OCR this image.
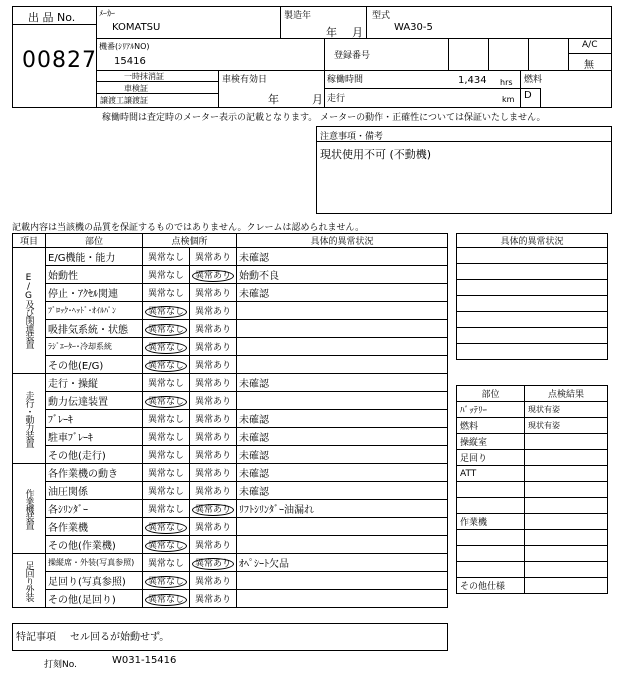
出 品 No.
00827
ﾒｰｶｰ
KOMATSU
製造年
年 月
型式
WA30-5
機番(ｼﾘｱﾙNO)
15416	登録番号
A/C
無
一時抹消証
車検証
譲渡工譲渡証
車検有効日
年	月
稼働時間	1,434 hrs
走行	km
燃料
D
稼働時間は査定時のメーター表示の記載となります。 メーターの動作・正確性については保証いたしません。
注意事項・備考
現状使用不可 (不動機)
記載内容は当該機の品質を保証するものではありません。クレームは認められません。
項目	部位	点検個所		具体的異常状況

E/G及び関連装置	E/G機能・能力	異常なし	異常あり	未確認
	始動性	異常なし	異常あり	始動不良
	停止・ｱｸｾﾙ関連	異常なし	異常あり	未確認
	ﾌﾞﾛｯｸ･ﾍｯﾄﾞ･ｵｲﾙﾊﾟﾝ	異常なし	異常あり	
	吸排気系統・状態	異常なし	異常あり	
	ﾗｼﾞｴｰﾀｰ･冷却系統	異常なし	異常あり	
	その他(E/G)	異常なし	異常あり	

走行・動力装置	走行・操縦	異常なし	異常あり	未確認
	動力伝達装置	異常なし	異常あり	
	ﾌﾞﾚｰｷ	異常なし	異常あり	未確認
	駐車ﾌﾞﾚｰｷ	異常なし	異常あり	未確認
	その他(走行)	異常なし	異常あり	未確認

作業機装置	各作業機の動き	異常なし	異常あり	未確認
	油圧関係	異常なし	異常あり	未確認
	各ｼﾘﾝﾀﾞｰ	異常なし	異常あり	ﾘﾌﾄｼﾘﾝﾀﾞｰ油漏れ
	各作業機	異常なし	異常あり	
	その他(作業機)	異常なし	異常あり	

足回り外装	操縦席・外装(写真参照)	異常なし	異常あり	ｵﾍﾟｼｰﾄ欠品
	足回り(写真参照)	異常なし	異常あり	
	その他(足回り)	異常なし	異常あり	
具体的異常状況

部位	点検結果
ﾊﾞｯﾃﾘｰ	現状有姿
燃料	現状有姿
操縦室	
足回り	
ATT	

作業機	

その他仕様	
特記事項 セル回るが始動せず。
打刻No.	W031-15416
